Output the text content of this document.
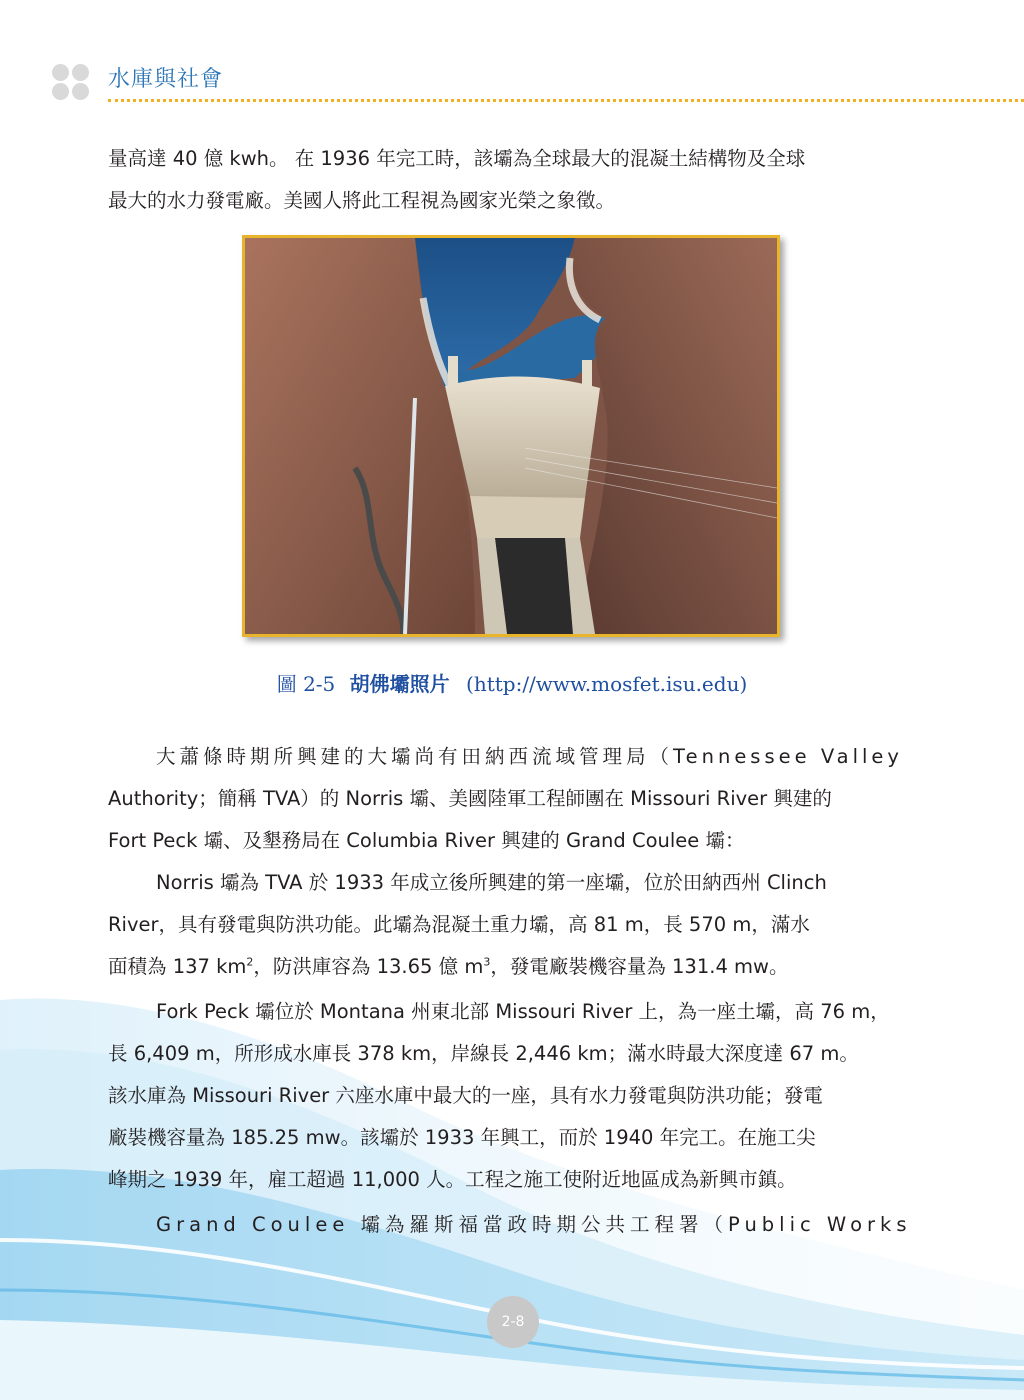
水庫與社會
量高達 40 億 kwh。 在 1936 年完工時，該壩為全球最大的混凝土結構物及全球
最大的水力發電廠。美國人將此工程視為國家光榮之象徵。
圖 2-5 胡佛壩照片 (http://www.mosfet.isu.edu)
大蕭條時期所興建的大壩尚有田納西流域管理局（Tennessee Valley
Authority；簡稱 TVA）的 Norris 壩、美國陸軍工程師團在 Missouri River 興建的
Fort Peck 壩、及墾務局在 Columbia River 興建的 Grand Coulee 壩：
Norris 壩為 TVA 於 1933 年成立後所興建的第一座壩，位於田納西州 Clinch
River，具有發電與防洪功能。此壩為混凝土重力壩，高 81 m，長 570 m，滿水
面積為 137 $km^2$，防洪庫容為 13.65 億 $m^3$，發電廠裝機容量為 131.4 mw。
Fork Peck 壩位於 Montana 州東北部 Missouri River 上，為一座土壩，高 76 m，
長 6,409 m，所形成水庫長 378 km，岸線長 2,446 km；滿水時最大深度達 67 m。
該水庫為 Missouri River 六座水庫中最大的一座，具有水力發電與防洪功能；發電
廠裝機容量為 185.25 mw。該壩於 1933 年興工，而於 1940 年完工。在施工尖
峰期之 1939 年，雇工超過 11,000 人。工程之施工使附近地區成為新興市鎮。
Grand Coulee 壩為羅斯福當政時期公共工程署（Public Works
2-8
